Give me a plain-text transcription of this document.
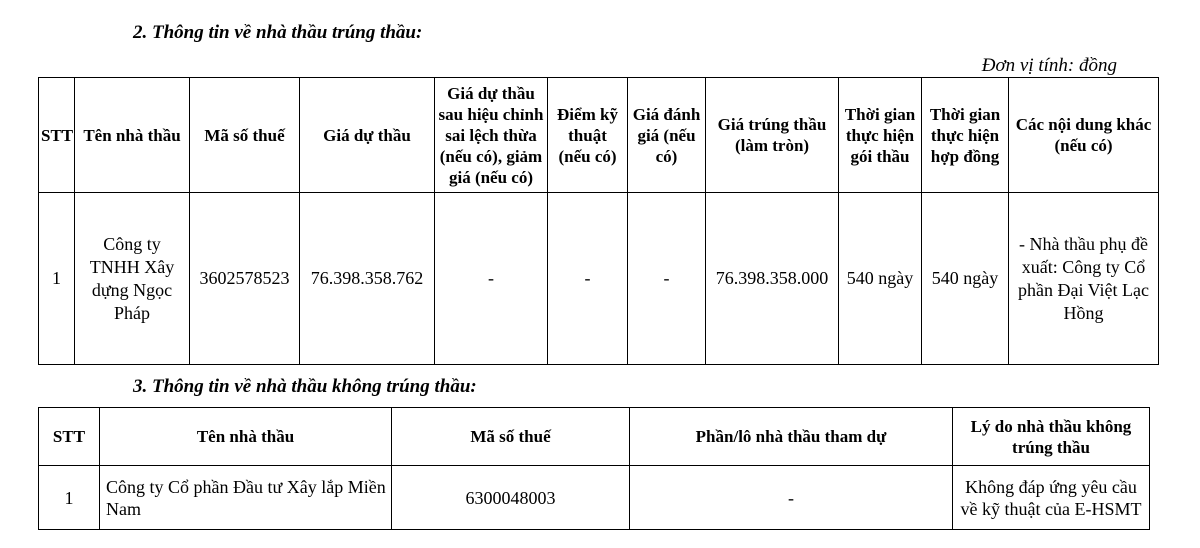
2. Thông tin về nhà thầu trúng thầu:
Đơn vị tính: đồng
STT	Tên nhà thầu	Mã số thuế	Giá dự thầu	Giá dự thầu sau hiệu chỉnh sai lệch thừa (nếu có), giảm giá (nếu có)	Điểm kỹ thuật (nếu có)	Giá đánh giá (nếu có)	Giá trúng thầu (làm tròn)	Thời gian thực hiện gói thầu	Thời gian thực hiện hợp đồng	Các nội dung khác (nếu có)
1	Công ty TNHH Xây dựng Ngọc Pháp	3602578523	76.398.358.762	-	-	-	76.398.358.000	540 ngày	540 ngày	- Nhà thầu phụ đề xuất: Công ty Cổ phần Đại Việt Lạc Hồng
3. Thông tin về nhà thầu không trúng thầu:
STT	Tên nhà thầu	Mã số thuế	Phần/lô nhà thầu tham dự	Lý do nhà thầu không trúng thầu
1	Công ty Cổ phần Đầu tư Xây lắp Miền Nam	6300048003	-	Không đáp ứng yêu cầu về kỹ thuật của E-HSMT
